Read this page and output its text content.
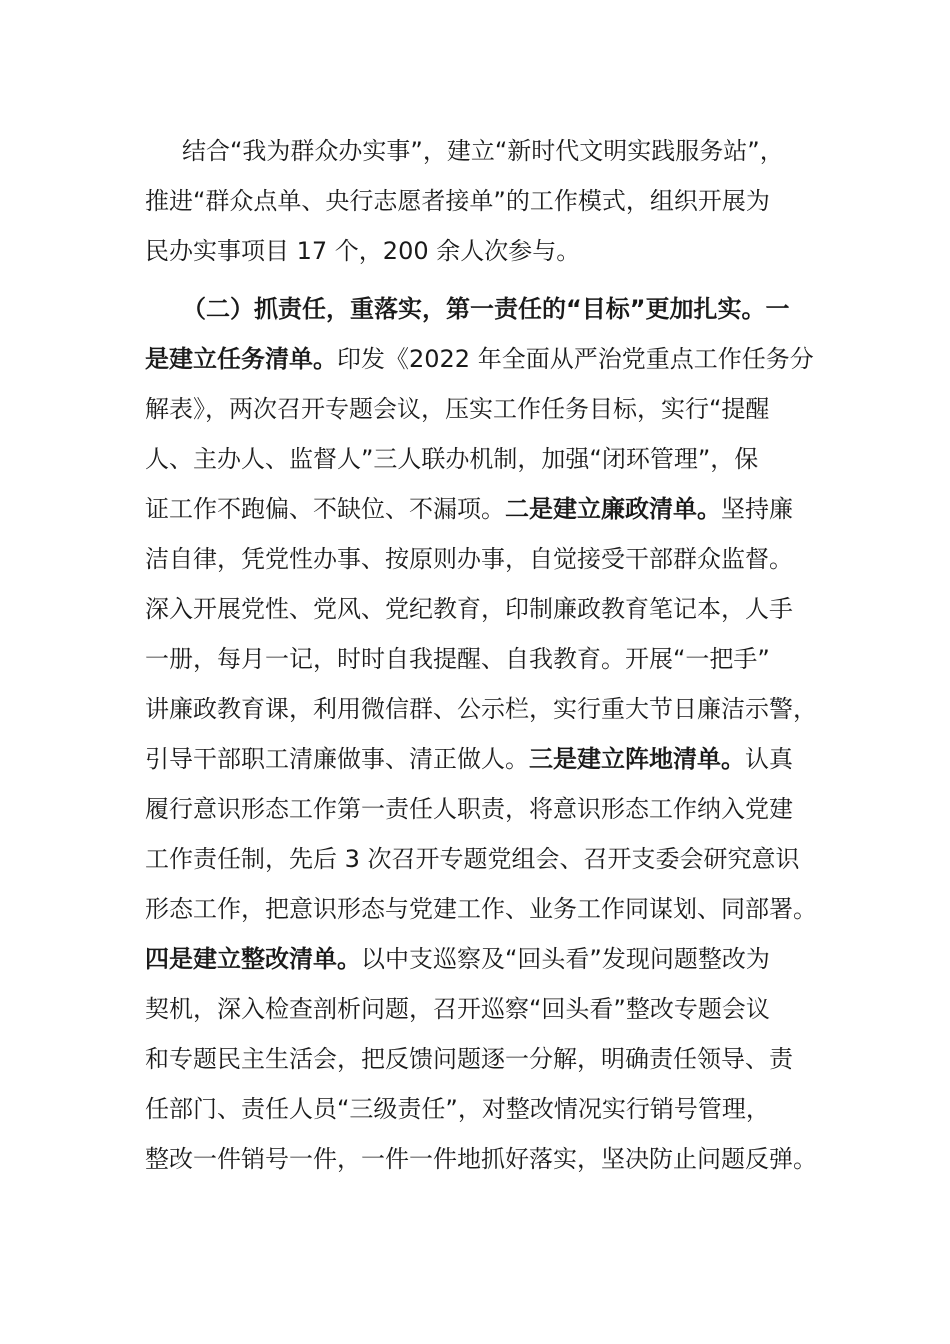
结合“我为群众办实事”，建立“新时代文明实践服务站”，
推进“群众点单、央行志愿者接单”的工作模式，组织开展为
民办实事项目 17 个，200 余人次参与。
（二）抓责任，重落实，第一责任的“目标”更加扎实。一
是建立任务清单。印发《2022 年全面从严治党重点工作任务分
解表》，两次召开专题会议，压实工作任务目标，实行“提醒
人、主办人、监督人”三人联办机制，加强“闭环管理”，保
证工作不跑偏、不缺位、不漏项。二是建立廉政清单。坚持廉
洁自律，凭党性办事、按原则办事，自觉接受干部群众监督。
深入开展党性、党风、党纪教育，印制廉政教育笔记本，人手
一册，每月一记，时时自我提醒、自我教育。开展“一把手”
讲廉政教育课，利用微信群、公示栏，实行重大节日廉洁示警，
引导干部职工清廉做事、清正做人。三是建立阵地清单。认真
履行意识形态工作第一责任人职责，将意识形态工作纳入党建
工作责任制，先后 3 次召开专题党组会、召开支委会研究意识
形态工作，把意识形态与党建工作、业务工作同谋划、同部署。
四是建立整改清单。以中支巡察及“回头看”发现问题整改为
契机，深入检查剖析问题，召开巡察“回头看”整改专题会议
和专题民主生活会，把反馈问题逐一分解，明确责任领导、责
任部门、责任人员“三级责任”，对整改情况实行销号管理，
整改一件销号一件，一件一件地抓好落实，坚决防止问题反弹。
